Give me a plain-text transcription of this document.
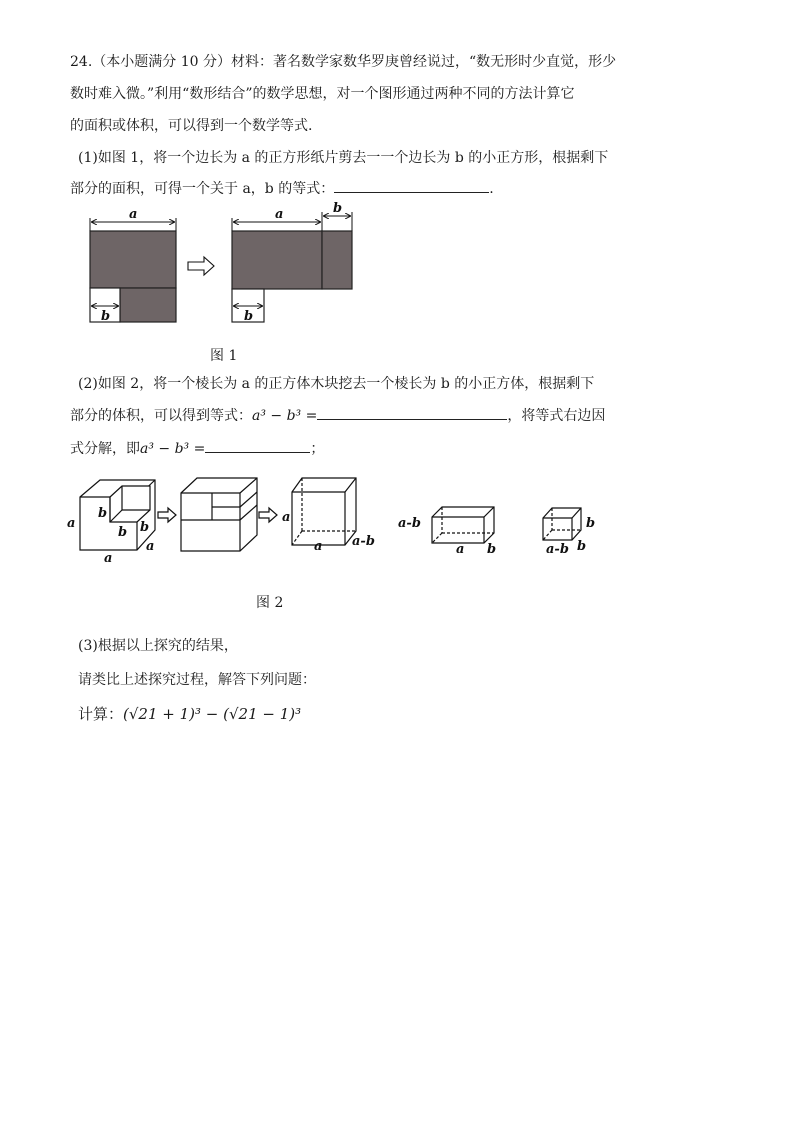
24.（本小题满分 10 分）材料：著名数学家数华罗庚曾经说过，“数无形时少直觉，形少
数时难入微。”利用“数形结合”的数学思想，对一个图形通过两种不同的方法计算它
的面积或体积，可以得到一个数学等式.
(1)如图 1，将一个边长为 a 的正方形纸片剪去一一个边长为 b 的小正方形，根据剩下
部分的面积，可得一个关于 a，b 的等式：	.
图 1
(2)如图 2，将一个棱长为 a 的正方体木块挖去一个棱长为 b 的小正方体，根据剩下
部分的体积，可以得到等式：a³ − b³ =	，将等式右边因
式分解，即a³ − b³ =	；
图 2
(3)根据以上探究的结果，
请类比上述探究过程，解答下列问题：
计算：(√21 + 1)³ − (√21 − 1)³
a	a	b
b	b
a
b
b b
a
a
a
a a-b
a-b
a b
b
a-b b
